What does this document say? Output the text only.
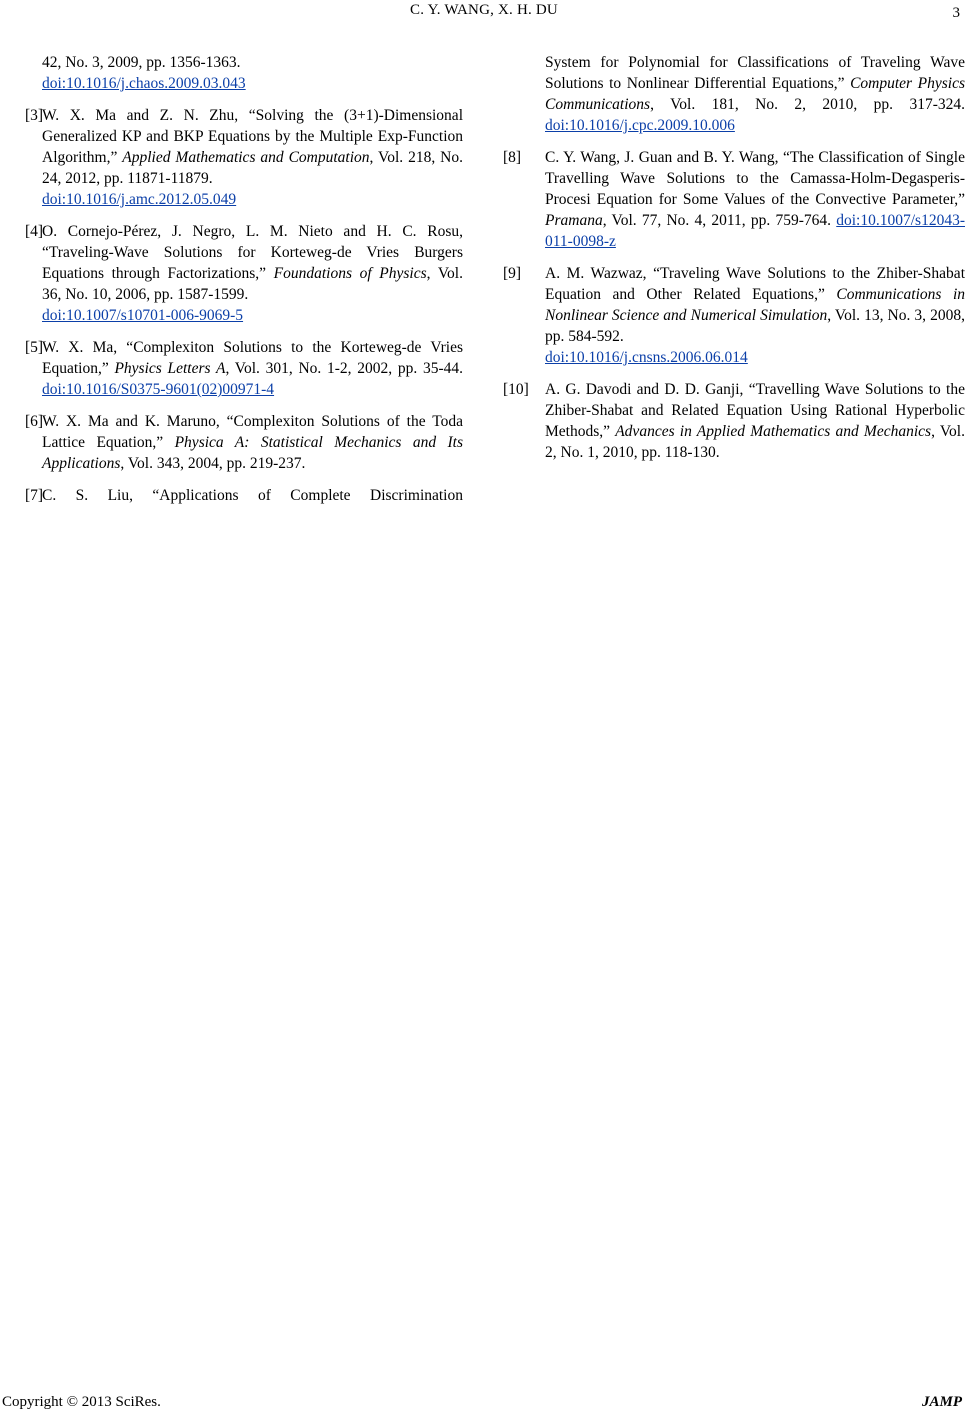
C. Y. WANG, X. H. DU	3
42, No. 3, 2009, pp. 1356-1363.
doi:10.1016/j.chaos.2009.03.043
[3]
W. X. Ma and Z. N. Zhu, “Solving the (3+1)-Dimensional Generalized KP and BKP Equations by the Multiple Exp-Function Algorithm,” Applied Mathematics and Computation, Vol. 218, No. 24, 2012, pp. 11871-11879.
doi:10.1016/j.amc.2012.05.049
[4]
O. Cornejo-Pérez, J. Negro, L. M. Nieto and H. C. Rosu, “Traveling-Wave Solutions for Korteweg-de Vries Burgers Equations through Factorizations,” Foundations of Physics, Vol. 36, No. 10, 2006, pp. 1587-1599.
doi:10.1007/s10701-006-9069-5
[5]
W. X. Ma, “Complexiton Solutions to the Korteweg-de Vries Equation,” Physics Letters A, Vol. 301, No. 1-2, 2002, pp. 35-44. doi:10.1016/S0375-9601(02)00971-4
[6]
W. X. Ma and K. Maruno, “Complexiton Solutions of the Toda Lattice Equation,” Physica A: Statistical Mechanics and Its Applications, Vol. 343, 2004, pp. 219-237.
[7]
C. S. Liu, “Applications of Complete Discrimination
System for Polynomial for Classifications of Traveling Wave Solutions to Nonlinear Differential Equations,” Computer Physics Communications, Vol. 181, No. 2, 2010, pp. 317-324. doi:10.1016/j.cpc.2009.10.006
[8] C. Y. Wang, J. Guan and B. Y. Wang, “The Classification of Single Travelling Wave Solutions to the Camassa-Holm-Degasperis-Procesi Equation for Some Values of the Convective Parameter,” Pramana, Vol. 77, No. 4, 2011, pp. 759-764. doi:10.1007/s12043-011-0098-z
[9] A. M. Wazwaz, “Traveling Wave Solutions to the Zhiber-Shabat Equation and Other Related Equations,” Communications in Nonlinear Science and Numerical Simulation, Vol. 13, No. 3, 2008, pp. 584-592.
doi:10.1016/j.cnsns.2006.06.014
[10] A. G. Davodi and D. D. Ganji, “Travelling Wave Solutions to the Zhiber-Shabat and Related Equation Using Rational Hyperbolic Methods,” Advances in Applied Mathematics and Mechanics, Vol. 2, No. 1, 2010, pp. 118-130.
Copyright © 2013 SciRes.	JAMP
